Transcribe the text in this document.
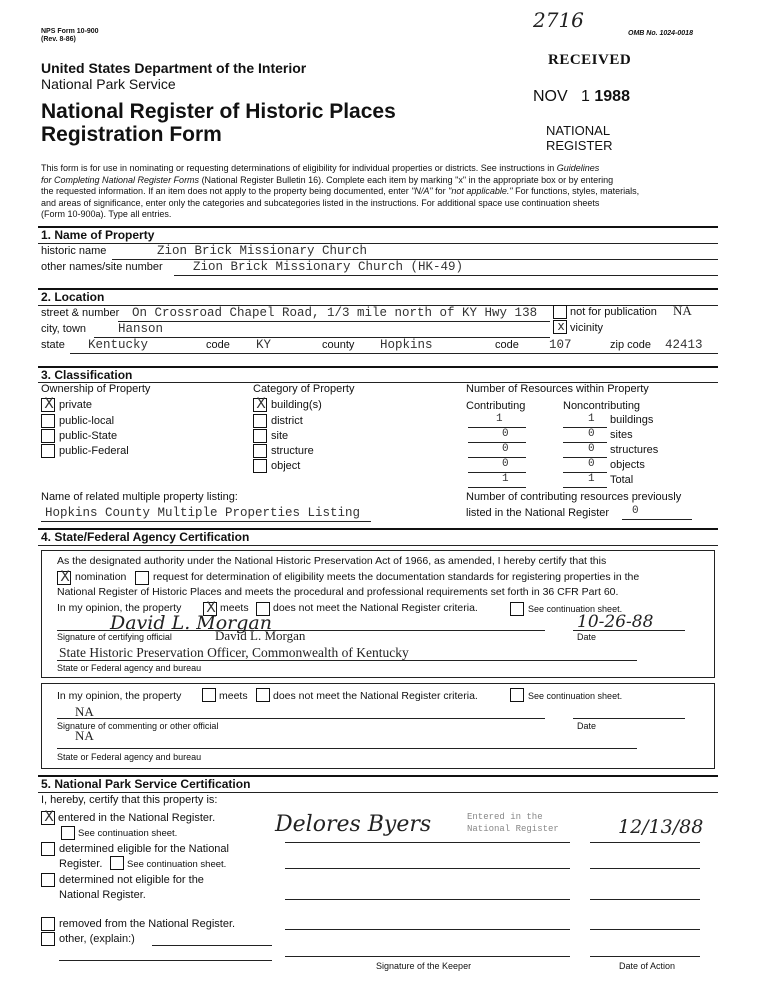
NPS Form 10-900
(Rev. 8-86)
2716
OMB No. 1024-0018
United States Department of the Interior
National Park Service
National Register of Historic Places
Registration Form
RECEIVED
NOV 1 1988
NATIONAL
REGISTER
This form is for use in nominating or requesting determinations of eligibility for individual properties or districts. See instructions in Guidelines
for Completing National Register Forms (National Register Bulletin 16). Complete each item by marking "x" in the appropriate box or by entering
the requested information. If an item does not apply to the property being documented, enter "N/A" for "not applicable." For functions, styles, materials,
and areas of significance, enter only the categories and subcategories listed in the instructions. For additional space use continuation sheets
(Form 10-900a). Type all entries.
1. Name of Property
historic name	Zion Brick Missionary Church
other names/site number Zion Brick Missionary Church (HK-49)
2. Location
street & number On Crossroad Chapel Road, 1/3 mile north of KY Hwy 138	not for publication NA
city, town	Hanson	x vicinity
state Kentucky	code KY	county Hopkins	code 107	zip code 42413
3. Classification
Ownership of Property	Category of Property	Number of Resources within Property
Contributing	Noncontributing
X private
public-local
public-State
public-Federal
X building(s)
district
site
structure
object
1	1 buildings
0	0 sites
0	0 structures
0	0 objects
1	1 Total
Name of related multiple property listing:
Hopkins County Multiple Properties Listing
Number of contributing resources previously
listed in the National Register 0
4. State/Federal Agency Certification
As the designated authority under the National Historic Preservation Act of 1966, as amended, I hereby certify that this
X nomination	request for determination of eligibility meets the documentation standards for registering properties in the
National Register of Historic Places and meets the procedural and professional requirements set forth in 36 CFR Part 60.
In my opinion, the property X meets does not meet the National Register criteria.	See continuation sheet.
David L. Morgan	10-26-88
Signature of certifying official	David L. Morgan	Date
State Historic Preservation Officer, Commonwealth of Kentucky
State or Federal agency and bureau
In my opinion, the property	meets does not meet the National Register criteria.	See continuation sheet.
NA
Signature of commenting or other official	Date
NA
State or Federal agency and bureau
5. National Park Service Certification
I, hereby, certify that this property is:
X entered in the National Register.
See continuation sheet.
determined eligible for the National
Register.	See continuation sheet.
determined not eligible for the
National Register.
removed from the National Register.
other, (explain:)
Delores Byers	Entered in the
National Register	12/13/88
Signature of the Keeper	Date of Action
